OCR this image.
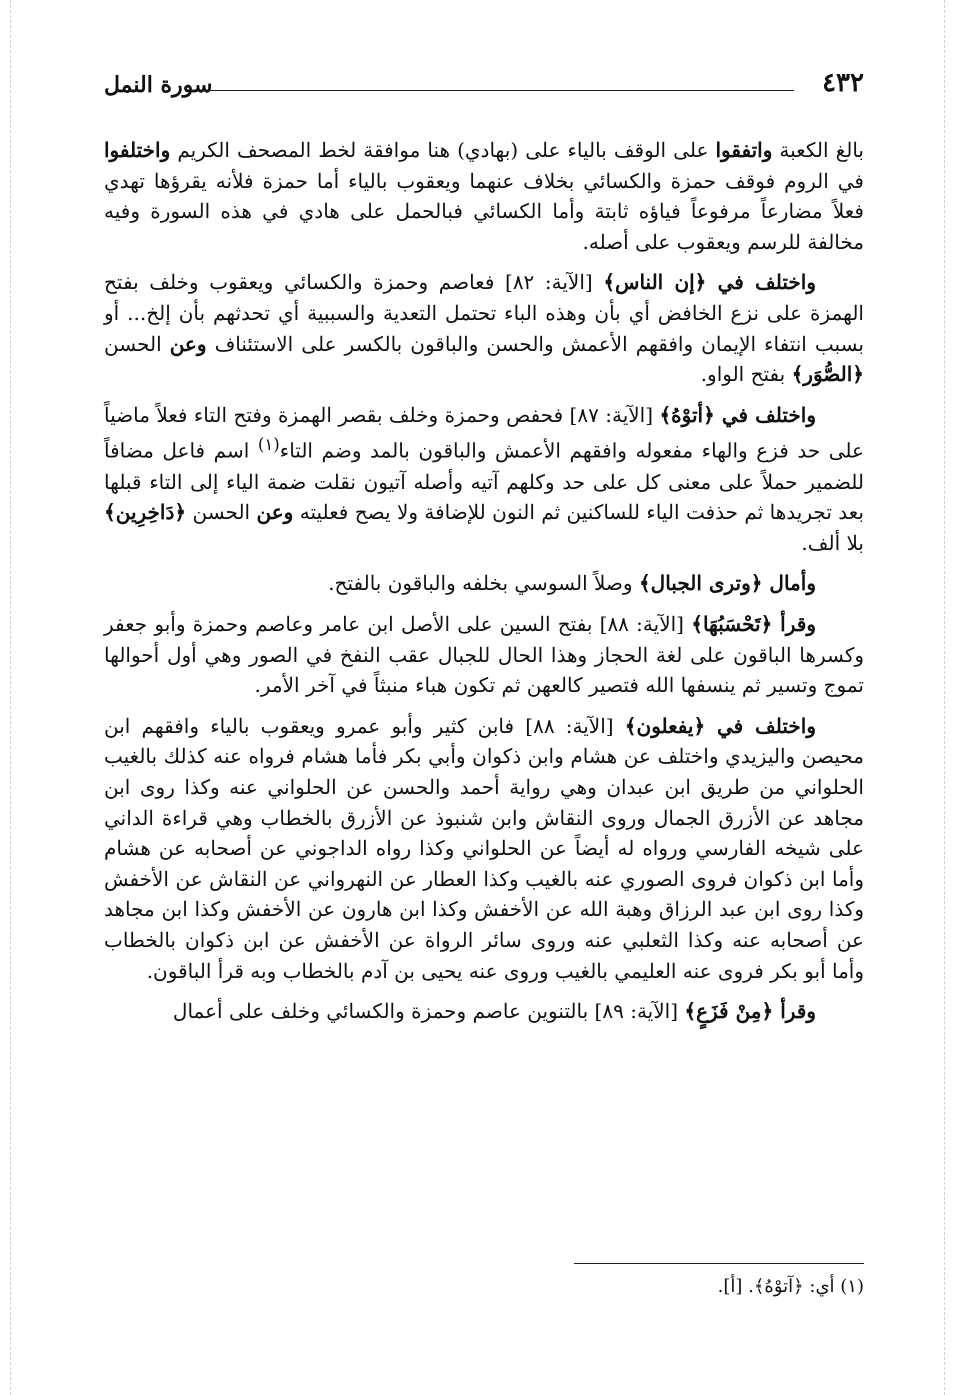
سورة النمل	٤٣٢

بالغ الكعبة واتفقوا على الوقف بالياء على (بهادي) هنا موافقة لخط المصحف الكريم واختلفوا في الروم فوقف حمزة والكسائي بخلاف عنهما ويعقوب بالياء أما حمزة فلأنه يقرؤها تهدي فعلاً مضارعاً مرفوعاً فياؤه ثابتة وأما الكسائي فبالحمل على هادي في هذه السورة وفيه مخالفة للرسم ويعقوب على أصله.

واختلف في ﴿إن الناس﴾ [الآية: ٨٢] فعاصم وحمزة والكسائي ويعقوب وخلف بفتح الهمزة على نزع الخافض أي بأن وهذه الباء تحتمل التعدية والسببية أي تحدثهم بأن إلخ... أو بسبب انتفاء الإيمان وافقهم الأعمش والحسن والباقون بالكسر على الاستئناف وعن الحسن ﴿الصُّوَر﴾ بفتح الواو.

واختلف في ﴿أتوْهُ﴾ [الآية: ٨٧] فحفص وحمزة وخلف بقصر الهمزة وفتح التاء فعلاً ماضياً على حد فزع والهاء مفعوله وافقهم الأعمش والباقون بالمد وضم التاء$^{(١)}$ اسم فاعل مضافاً للضمير حملاً على معنى كل على حد وكلهم آتيه وأصله آتيون نقلت ضمة الياء إلى التاء قبلها بعد تجريدها ثم حذفت الياء للساكنين ثم النون للإضافة ولا يصح فعليته وعن الحسن ﴿دَاخِرِين﴾ بلا ألف.

وأمال ﴿وترى الجبال﴾ وصلاً السوسي بخلفه والباقون بالفتح.

وقرأ ﴿تَحْسَبُهَا﴾ [الآية: ٨٨] بفتح السين على الأصل ابن عامر وعاصم وحمزة وأبو جعفر وكسرها الباقون على لغة الحجاز وهذا الحال للجبال عقب النفخ في الصور وهي أول أحوالها تموج وتسير ثم ينسفها الله فتصير كالعهن ثم تكون هباء منبثاً في آخر الأمر.

واختلف في ﴿يفعلون﴾ [الآية: ٨٨] فابن كثير وأبو عمرو ويعقوب بالياء وافقهم ابن محيصن واليزيدي واختلف عن هشام وابن ذكوان وأبي بكر فأما هشام فرواه عنه كذلك بالغيب الحلواني من طريق ابن عبدان وهي رواية أحمد والحسن عن الحلواني عنه وكذا روى ابن مجاهد عن الأزرق الجمال وروى النقاش وابن شنبوذ عن الأزرق بالخطاب وهي قراءة الداني على شيخه الفارسي ورواه له أيضاً عن الحلواني وكذا رواه الداجوني عن أصحابه عن هشام وأما ابن ذكوان فروى الصوري عنه بالغيب وكذا العطار عن النهرواني عن النقاش عن الأخفش وكذا روى ابن عبد الرزاق وهبة الله عن الأخفش وكذا ابن هارون عن الأخفش وكذا ابن مجاهد عن أصحابه عنه وكذا الثعلبي عنه وروى سائر الرواة عن الأخفش عن ابن ذكوان بالخطاب وأما أبو بكر فروى عنه العليمي بالغيب وروى عنه يحيى بن آدم بالخطاب وبه قرأ الباقون.

وقرأ ﴿مِنْ فَزَعٍ﴾ [الآية: ٨٩] بالتنوين عاصم وحمزة والكسائي وخلف على أعمال

(١) أي: ﴿آتوْهُ﴾. [أ].
